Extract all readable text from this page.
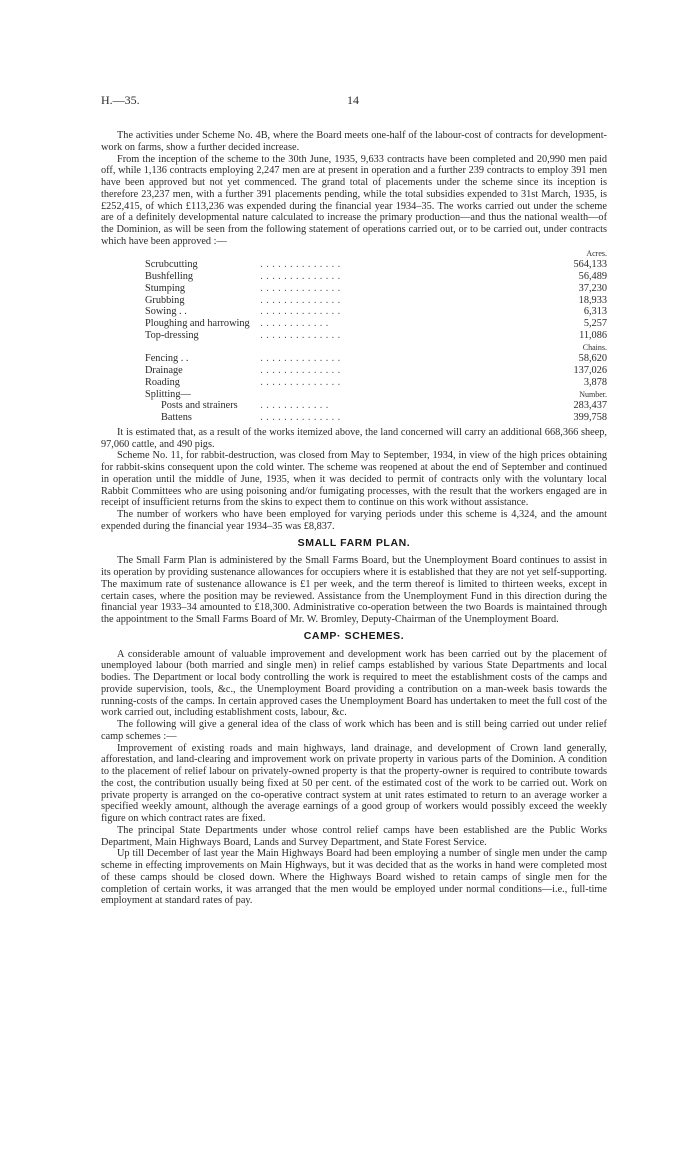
H.—35.	14

The activities under Scheme No. 4B, where the Board meets one-half of the labour-cost of contracts for development-work on farms, show a further decided increase.

From the inception of the scheme to the 30th June, 1935, 9,633 contracts have been completed and 20,990 men paid off, while 1,136 contracts employing 2,247 men are at present in operation and a further 239 contracts to employ 391 men have been approved but not yet commenced. The grand total of placements under the scheme since its inception is therefore 23,237 men, with a further 391 placements pending, while the total subsidies expended to 31st March, 1935, is £252,415, of which £113,236 was expended during the financial year 1934–35. The works carried out under the scheme are of a definitely developmental nature calculated to increase the primary production—and thus the national wealth—of the Dominion, as will be seen from the following statement of operations carried out, or to be carried out, under contracts which have been approved :—

		Acres.
Scrubcutting	. . . . . . . . . . . . . .	564,133
Bushfelling	. . . . . . . . . . . . . .	56,489
Stumping	. . . . . . . . . . . . . .	37,230
Grubbing	. . . . . . . . . . . . . .	18,933
Sowing . .	. . . . . . . . . . . . . .	6,313
Ploughing and harrowing	. . . . . . . . . . . .	5,257
Top-dressing	. . . . . . . . . . . . . .	11,086
		Chains.
Fencing . .	. . . . . . . . . . . . . .	58,620
Drainage	. . . . . . . . . . . . . .	137,026
Roading	. . . . . . . . . . . . . .	3,878
Splitting—		Number.
Posts and strainers	. . . . . . . . . . . .	283,437
Battens	. . . . . . . . . . . . . .	399,758

It is estimated that, as a result of the works itemized above, the land concerned will carry an additional 668,366 sheep, 97,060 cattle, and 490 pigs.

Scheme No. 11, for rabbit-destruction, was closed from May to September, 1934, in view of the high prices obtaining for rabbit-skins consequent upon the cold winter. The scheme was reopened at about the end of September and continued in operation until the middle of June, 1935, when it was decided to permit of contracts only with the voluntary local Rabbit Committees who are using poisoning and/or fumigating processes, with the result that the workers engaged are in receipt of insufficient returns from the skins to expect them to continue on this work without assistance.

The number of workers who have been employed for varying periods under this scheme is 4,324, and the amount expended during the financial year 1934–35 was £8,837.

SMALL FARM PLAN.

The Small Farm Plan is administered by the Small Farms Board, but the Unemployment Board continues to assist in its operation by providing sustenance allowances for occupiers where it is established that they are not yet self-supporting. The maximum rate of sustenance allowance is £1 per week, and the term thereof is limited to thirteen weeks, except in certain cases, where the position may be reviewed. Assistance from the Unemployment Fund in this direction during the financial year 1933–34 amounted to £18,300. Administrative co-operation between the two Boards is maintained through the appointment to the Small Farms Board of Mr. W. Bromley, Deputy-Chairman of the Unemployment Board.

CAMP· SCHEMES.

A considerable amount of valuable improvement and development work has been carried out by the placement of unemployed labour (both married and single men) in relief camps established by various State Departments and local bodies. The Department or local body controlling the work is required to meet the establishment costs of the camps and provide supervision, tools, &c., the Unemployment Board providing a contribution on a man-week basis towards the running-costs of the camps. In certain approved cases the Unemployment Board has undertaken to meet the full cost of the work carried out, including establishment costs, labour, &c.

The following will give a general idea of the class of work which has been and is still being carried out under relief camp schemes :—

Improvement of existing roads and main highways, land drainage, and development of Crown land generally, afforestation, and land-clearing and improvement work on private property in various parts of the Dominion. A condition to the placement of relief labour on privately-owned property is that the property-owner is required to contribute towards the cost, the contribution usually being fixed at 50 per cent. of the estimated cost of the work to be carried out. Work on private property is arranged on the co-operative contract system at unit rates estimated to return to an average worker a specified weekly amount, although the average earnings of a good group of workers would possibly exceed the weekly figure on which contract rates are fixed.

The principal State Departments under whose control relief camps have been established are the Public Works Department, Main Highways Board, Lands and Survey Department, and State Forest Service.

Up till December of last year the Main Highways Board had been employing a number of single men under the camp scheme in effecting improvements on Main Highways, but it was decided that as the works in hand were completed most of these camps should be closed down. Where the Highways Board wished to retain camps of single men for the completion of certain works, it was arranged that the men would be employed under normal conditions—i.e., full-time employment at standard rates of pay.
